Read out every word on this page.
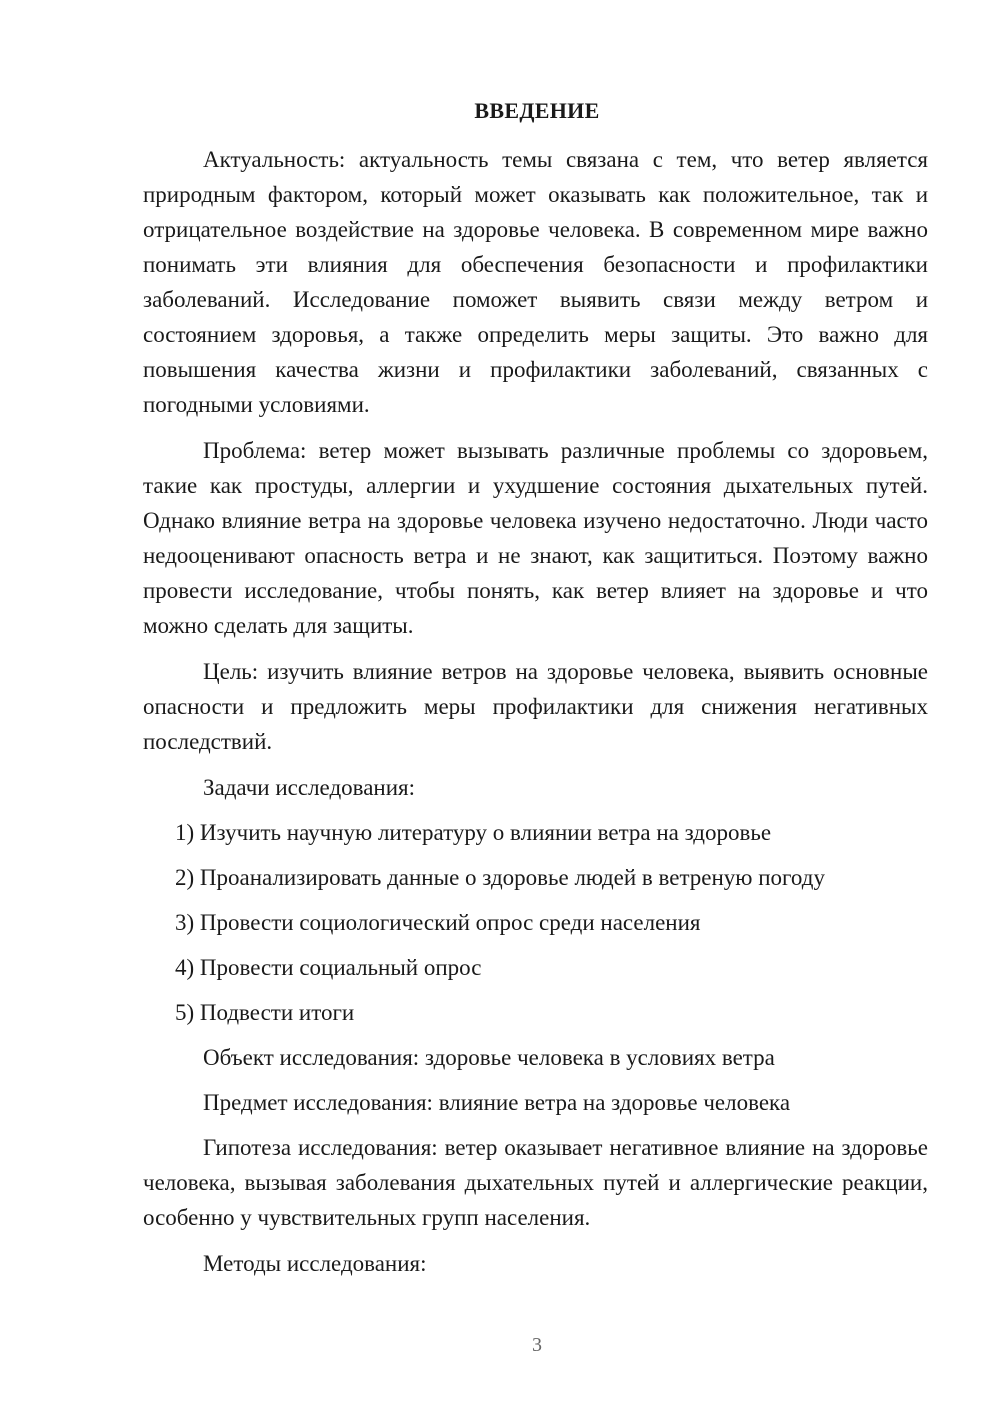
ВВЕДЕНИЕ

Актуальность: актуальность темы связана с тем, что ветер является природным фактором, который может оказывать как положительное, так и отрицательное воздействие на здоровье человека. В современном мире важно понимать эти влияния для обеспечения безопасности и профилактики заболеваний. Исследование поможет выявить связи между ветром и состоянием здоровья, а также определить меры защиты. Это важно для повышения качества жизни и профилактики заболеваний, связанных с погодными условиями.

Проблема: ветер может вызывать различные проблемы со здоровьем, такие как простуды, аллергии и ухудшение состояния дыхательных путей. Однако влияние ветра на здоровье человека изучено недостаточно. Люди часто недооценивают опасность ветра и не знают, как защититься. Поэтому важно провести исследование, чтобы понять, как ветер влияет на здоровье и что можно сделать для защиты.

Цель: изучить влияние ветров на здоровье человека, выявить основные опасности и предложить меры профилактики для снижения негативных последствий.

Задачи исследования:

1) Изучить научную литературу о влиянии ветра на здоровье
2) Проанализировать данные о здоровье людей в ветреную погоду
3) Провести социологический опрос среди населения
4) Провести социальный опрос
5) Подвести итоги

Объект исследования: здоровье человека в условиях ветра

Предмет исследования: влияние ветра на здоровье человека

Гипотеза исследования: ветер оказывает негативное влияние на здоровье человека, вызывая заболевания дыхательных путей и аллергические реакции, особенно у чувствительных групп населения.

Методы исследования:

3
